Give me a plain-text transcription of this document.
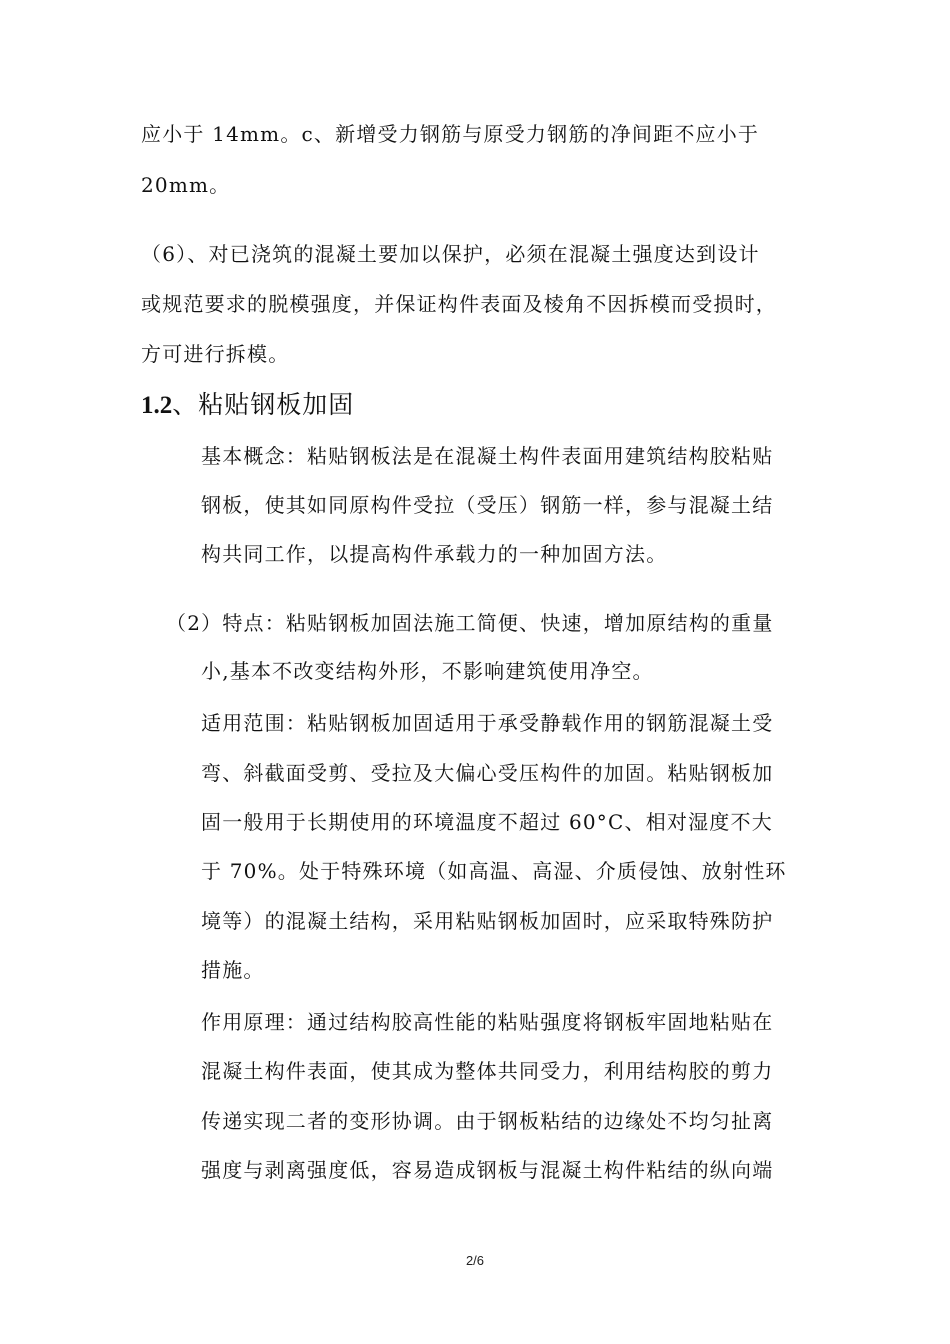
应小于 14mm。c、新增受力钢筋与原受力钢筋的净间距不应小于
20mm。
（6）、对已浇筑的混凝土要加以保护，必须在混凝土强度达到设计
或规范要求的脱模强度，并保证构件表面及棱角不因拆模而受损时，
方可进行拆模。
1.2、粘贴钢板加固
基本概念：粘贴钢板法是在混凝土构件表面用建筑结构胶粘贴
钢板，使其如同原构件受拉（受压）钢筋一样，参与混凝土结
构共同工作，以提高构件承载力的一种加固方法。
（2）特点：粘贴钢板加固法施工简便、快速，增加原结构的重量
小,基本不改变结构外形，不影响建筑使用净空。
适用范围：粘贴钢板加固适用于承受静载作用的钢筋混凝土受
弯、斜截面受剪、受拉及大偏心受压构件的加固。粘贴钢板加
固一般用于长期使用的环境温度不超过 60°C、相对湿度不大
于 70%。处于特殊环境（如高温、高湿、介质侵蚀、放射性环
境等）的混凝土结构，采用粘贴钢板加固时，应采取特殊防护
措施。
作用原理：通过结构胶高性能的粘贴强度将钢板牢固地粘贴在
混凝土构件表面，使其成为整体共同受力，利用结构胶的剪力
传递实现二者的变形协调。由于钢板粘结的边缘处不均匀扯离
强度与剥离强度低，容易造成钢板与混凝土构件粘结的纵向端
2/6
